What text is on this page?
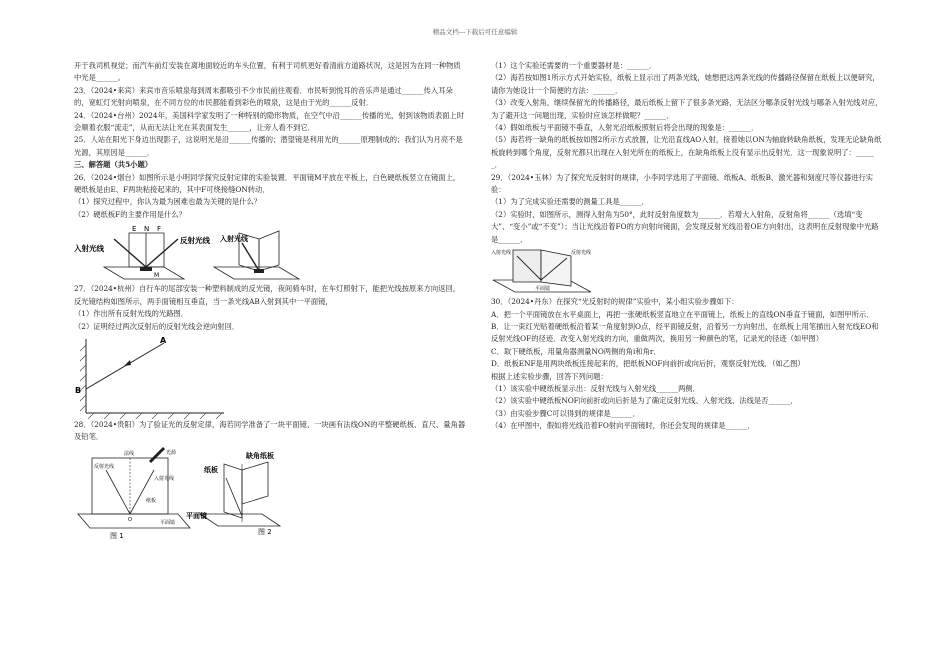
精品文档---下载后可任意编辑

开于我司机视觉；而汽车前灯安装在离地面较近的车头位置，有利于司机更好看清前方道路状况，这是因为在同一种物质中光是______。

23．（2024•来宾）来宾市音乐喷泉每到周末都吸引不少市民前往观看．市民听到悦耳的音乐声是通过______传入耳朵的，宽虹灯光射向喷泉，在不同方位的市民都能看到彩色的喷泉，这是由于光的______反射．

24．（2024•台州）2024年，美国科学家发明了一种特别的隐形物质，在空气中沿______传播的光，射到该物质表面上时会顺着衣服“流走”，从而无法让光在其表面发生______，让旁人看不到它．

25．人站在阳光下身边出现影子，这说明光是沿______传播的；潜望镜是利用光的______原理制成的；我们认为月亮不是光源，其原因是______．

三、解答题（共5小题）

26．（2024•烟台）如图所示是小明同学探究反射定律的实验装置．平面镜M平放在平板上，白色硬纸板竖立在镜面上，硬纸板是由E、F两块粘接起来的，其中F可绕接缝ON转动．

（1）探究过程中，你认为最为困难也最为关键的是什么？

（2）硬纸板F的主要作用是什么？

E N F
M
入射光线
反射光线 入射光线

27．（2024•杭州）自行车的尾部安装一种塑料制成的反光镜，夜间骑车时，在车灯照射下，能把光线按原来方向返回，反光镜结构如图所示，两手面镜相互垂直，当一条光线AB入射到其中一平面镜，

（1）作出所有反射光线的光路图．

（2）证明经过两次反射后的反射光线会逆向射回．

A
B

28．（2024•贵阳）为了验证光的反射定律，海若同学准备了一块平面镜、一块画有法线ON的平整硬纸板、直尺、量角器及铅笔．

法线
反射光线
入射光线
光源
纸板
O	平面镜
图 1
纸板
缺角纸板
平面镜
图 2

（1）这个实验还需要的一个重要器材是：______．

（2）海若按如图1所示方式开始实验，纸板上显示出了两条光线，她想把这两条光线的传播路径保留在纸板上以便研究，请你为她设计一个简便的方法：______．

（3）改变入射角，继续保留光的传播路径，最后纸板上留下了很多条光路，无法区分哪条反射光线与哪条入射光线对应，为了避开这一问题出现，实验时应该怎样做呢？______．

（4）假如纸板与平面镜不垂直，入射光沿纸板照射后将会出现的现象是：______．

（5）海若将一缺角的纸板按如图2所示方式放置，让光沿直线AO入射，接着她以ON为轴旋转缺角纸板，发现无论缺角纸板旋转到哪个角度，反射光都只出现在入射光所在的纸板上，在缺角纸板上没有显示出反射光．这一现象说明了：______．

29．（2024•玉林）为了探究光反射时的规律，小李同学选用了平面镜、纸板A、纸板B、激光器和刻度尺等仪器进行实验：

（1）为了完成实验还需要的测量工具是______．

（2）实验时，如图所示，测得入射角为50°，此时反射角度数为______．若增大入射角，反射角将______（选填“变大”、“变小”或“不变”）；当让光线沿着FO的方向射向镜面，会发现反射光线沿着OE方向射出，这表明在反射现象中光路是______．

入射光线	反射光线
平面镜

30．（2024•丹东）在探究“光反射时的规律”实验中，某小组实验步骤如下：

A．把一个平面镜放在水平桌面上，再把一张硬纸板竖直地立在平面镜上，纸板上的直线ON垂直于镜面，如图甲所示．

B．让一束红光贴着硬纸板沿着某一角度射到O点，经平面镜反射，沿着另一方向射出，在纸板上用笔描出入射光线EO和反射光线OF的径迹．改变入射光线的方向，重做两次，换用另一种颜色的笔，记录光的径迹（如甲图）

C．取下硬纸板，用量角器测量NO两侧的角i和角r．

D．纸板ENF是用两块纸板连接起来的，把纸板NOF向前折或向后折，观察反射光线．（如乙图）

根据上述实验步骤，回答下列问题：

（1）该实验中硬纸板显示出：反射光线与入射光线______两侧．

（2）该实验中硬纸板NOF向前折或向后折是为了确定反射光线、入射光线、法线是否______．

（3）由实验步骤C可以得到的规律是______．

（4）在甲图中，假如将光线沿着FO射向平面镜时，你还会发现的规律是______．
